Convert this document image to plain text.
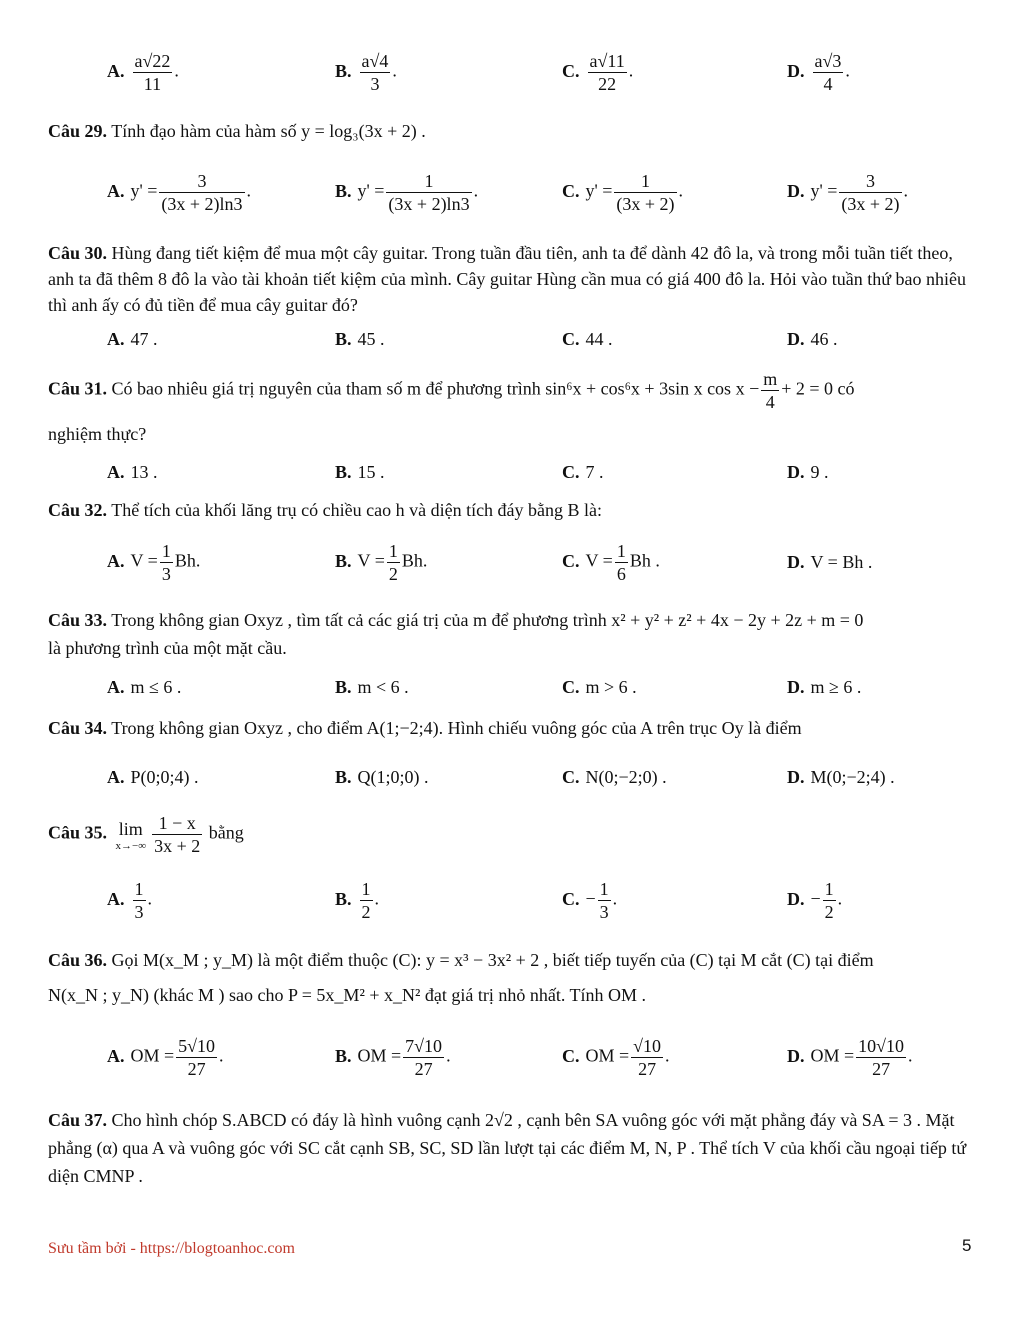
A. $\frac{a√22}{11}$ .	B. $\frac{a√4}{3}$ .	C. $\frac{a√11}{22}$ .	D. $\frac{a√3}{4}$ .
Câu 29. Tính đạo hàm của hàm số y = log₃(3x + 2) .
A. $y' = \frac{3}{(3x + 2)\ln 3}$ .	B. $y' = \frac{1}{(3x + 2)\ln 3}$ .	C. $y' = \frac{1}{(3x + 2)}$ .	D. $y' = \frac{3}{(3x + 2)}$ .
Câu 30. Hùng đang tiết kiệm để mua một cây guitar. Trong tuần đầu tiên, anh ta để dành 42 đô la, và trong mỗi tuần tiết theo, anh ta đã thêm 8 đô la vào tài khoản tiết kiệm của mình. Cây guitar Hùng cần mua có giá 400 đô la. Hỏi vào tuần thứ bao nhiêu thì anh ấy có đủ tiền để mua cây guitar đó?
A. 47 .	B. 45 .	C. 44 .	D. 46 .
Câu 31. Có bao nhiêu giá trị nguyên của tham số m để phương trình sin⁶x + cos⁶x + 3sin x $\cos x - \frac{m}{4} + 2 = 0$ có
nghiệm thực?
A. 13 .	B. 15 .	C. 7 .	D. 9 .
Câu 32. Thể tích của khối lăng trụ có chiều cao h và diện tích đáy bằng B là:
A. $V = \frac{1}{3} Bh$.	B. $V = \frac{1}{2} Bh$.	C. $V = \frac{1}{6}$ Bh .	D. V = Bh .
Câu 33. Trong không gian Oxyz , tìm tất cả các giá trị của m để phương trình x² + y² + z² + 4x − 2y + 2z + m = 0
là phương trình của một mặt cầu.
A. m ≤ 6 .	B. m < 6 .	C. m > 6 .	D. m ≥ 6 .
Câu 34. Trong không gian Oxyz , cho điểm A(1;−2;4). Hình chiếu vuông góc của A trên trục Oy là điểm
A. P(0;0;4) .	B. Q(1;0;0) .	C. N(0;−2;0) .	D. M(0;−2;4) .
Câu 35. lim
$x\to-\infty \frac{1 - x}{3x + 2}$ bằng
A. $\frac{1}{3}$ .	B. $\frac{1}{2}$ .	C. − $\frac{1}{3}$ .	D. − $\frac{1}{2}$ .
Câu 36. Gọi M(x_M ; y_M) là một điểm thuộc (C): y = x³ − 3x² + 2 , biết tiếp tuyến của (C) tại M cắt (C) tại điểm
N(x_N ; y_N) (khác M ) sao cho P = 5x_M² + x_N² đạt giá trị nhỏ nhất. Tính OM .
A. OM = $\frac{5√10}{27}$ .	B. OM = $\frac{7√10}{27}$ .	C. OM = $\frac{√10}{27}$ .	D. OM = $\frac{10√10}{27}$ .
Câu 37. Cho hình chóp S.ABCD có đáy là hình vuông cạnh 2√2 , cạnh bên SA vuông góc với mặt phẳng đáy và SA = 3 . Mặt phẳng (α) qua A và vuông góc với SC cắt cạnh SB, SC, SD lần lượt tại các điểm M, N, P . Thể tích V của khối cầu ngoại tiếp tứ diện CMNP .
Sưu tầm bởi - https://blogtoanhoc.com	5
